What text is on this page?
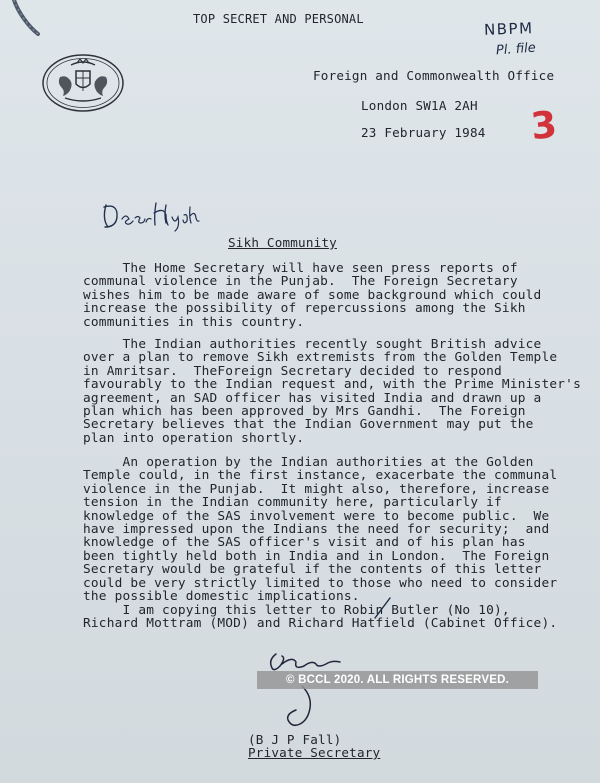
TOP SECRET AND PERSONAL
Foreign and Commonwealth Office
London SW1A 2AH
23 February 1984
NBPM
Pl. file
3
Sikh Community
The Home Secretary will have seen press reports of
communal violence in the Punjab.  The Foreign Secretary
wishes him to be made aware of some background which could
increase the possibility of repercussions among the Sikh
communities in this country.
The Indian authorities recently sought British advice
over a plan to remove Sikh extremists from the Golden Temple
in Amritsar.  TheForeign Secretary decided to respond
favourably to the Indian request and, with the Prime Minister's
agreement, an SAD officer has visited India and drawn up a
plan which has been approved by Mrs Gandhi.  The Foreign
Secretary believes that the Indian Government may put the
plan into operation shortly.
An operation by the Indian authorities at the Golden
Temple could, in the first instance, exacerbate the communal
violence in the Punjab.  It might also, therefore, increase
tension in the Indian community here, particularly if
knowledge of the SAS involvement were to become public.  We
have impressed upon the Indians the need for security;  and
knowledge of the SAS officer's visit and of his plan has
been tightly held both in India and in London.  The Foreign
Secretary would be grateful if the contents of this letter
could be very strictly limited to those who need to consider
the possible domestic implications.
I am copying this letter to Robin Butler (No 10),
Richard Mottram (MOD) and Richard Hatfield (Cabinet Office).
(B J P Fall)
Private Secretary
© BCCL 2020. ALL RIGHTS RESERVED.
